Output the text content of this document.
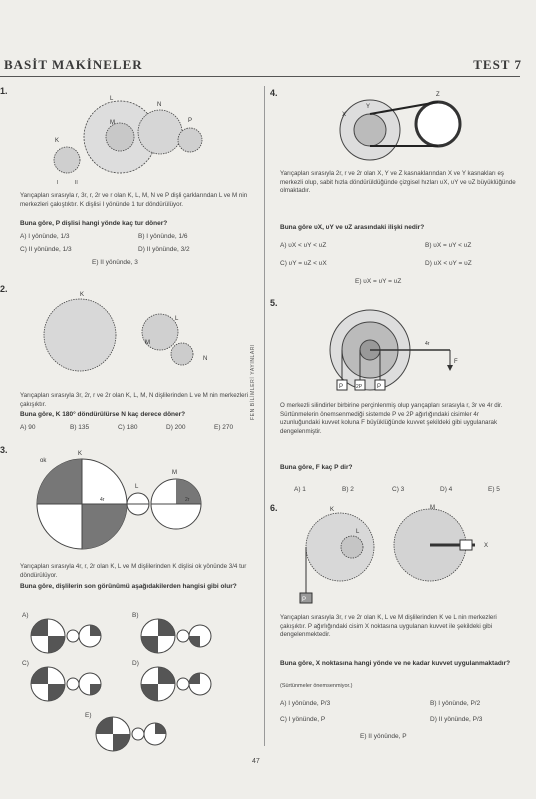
BASİT MAKİNELER	TEST 7
FEN BİLİMLERİ YAYINLARI
1.
L
M
N
P
K
I	II
Yarıçapları sırasıyla r, 3r, r, 2r ve r olan K, L, M, N ve P dişli çarklarından L ve M nin merkezleri çakıştıktır. K dişlisi I yönünde 1 tur döndürülüyor.
Buna göre, P dişlisi hangi yönde kaç tur döner?
A) I yönünde, 1/3	B) I yönünde, 1/6
C) II yönünde, 1/3	D) II yönünde, 3/2
E) II yönünde, 3
2.
K
L
M
N
Yarıçapları sırasıyla 3r, 2r, r ve 2r olan K, L, M, N dişlilerinden L ve M nin merkezleri çakışıktır.
Buna göre, K 180° döndürülürse N kaç derece döner?
A) 90	B) 135	C) 180	D) 200	E) 270
3.
ok
K
L
M
4r	2r
Yarıçapları sırasıyla 4r, r, 2r olan K, L ve M dişlilerinden K dişlisi ok yönünde 3/4 tur döndürülüyor.
Buna göre, dişlilerin son görünümü aşağıdakilerden hangisi gibi olur?
A)	B)
C)	D)
E)
4.
X
Y
Z
Yarıçapları sırasıyla 2r, r ve 2r olan X, Y ve Z kasnaklarından X ve Y kasnakları eş merkezli olup, sabit hızla döndürüldüğünde çizgisel hızları υX, υY ve υZ büyüklüğünde olmaktadır.
Buna göre υX, υY ve υZ arasındaki ilişki nedir?
A) υX < υY < υZ	B) υX = υY < υZ
C) υY = υZ < υX	D) υX < υY = υZ
E) υX = υY = υZ
5.
P	2P P
F
4r
O merkezli silindirler birbirine perçinlenmiş olup yarıçapları sırasıyla r, 3r ve 4r dir. Sürtünmelerin önemsenmediği sistemde P ve 2P ağırlığındaki cisimler 4r uzunluğundaki kuvvet koluna F büyüklüğünde kuvvet şekildeki gibi uygulanarak dengelenmiştir.
Buna göre, F kaç P dir?
A) 1	B) 2	C) 3	D) 4	E) 5
6.
P
K
L
M
X
Yarıçapları sırasıyla 3r, r ve 2r olan K, L ve M dişlilerinden K ve L nin merkezleri çakışıktır. P ağırlığındaki cisim X noktasına uygulanan kuvvet ile şekildeki gibi dengelenmektedir.
Buna göre, X noktasına hangi yönde ve ne kadar kuvvet uygulanmaktadır?
(Sürtünmeler önemsenmiyor.)
A) I yönünde, P/3	B) I yönünde, P/2
C) I yönünde, P	D) II yönünde, P/3
E) II yönünde, P
47
